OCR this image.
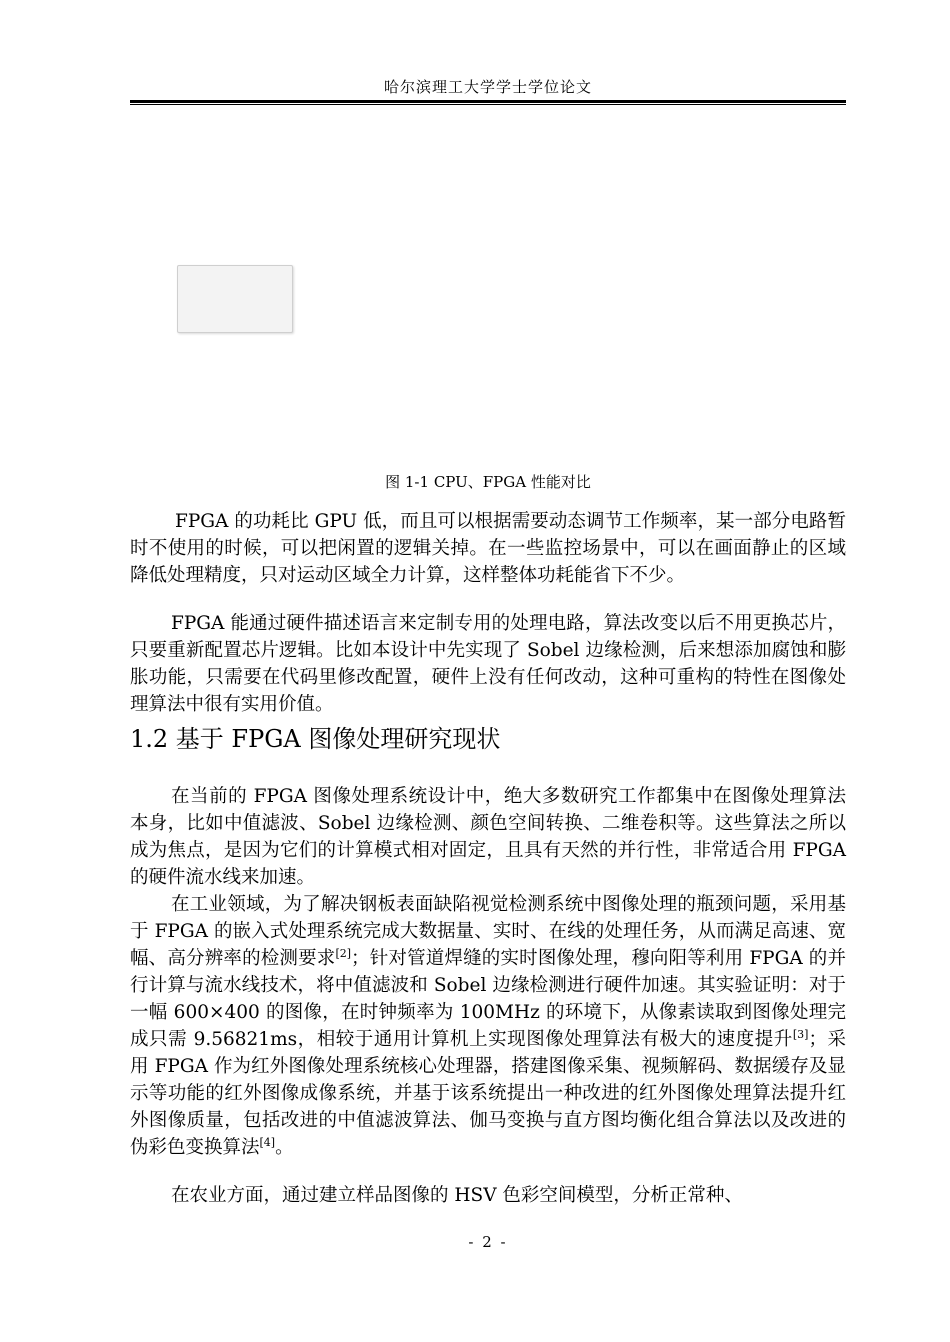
哈尔滨理工大学学士学位论文
图 1-1 CPU、FPGA 性能对比

FPGA 的功耗比 GPU 低，而且可以根据需要动态调节工作频率，某一部分电路暂时不使用的时候，可以把闲置的逻辑关掉。在一些监控场景中，可以在画面静止的区域降低处理精度，只对运动区域全力计算，这样整体功耗能省下不少。

FPGA 能通过硬件描述语言来定制专用的处理电路，算法改变以后不用更换芯片，只要重新配置芯片逻辑。比如本设计中先实现了 Sobel 边缘检测，后来想添加腐蚀和膨胀功能，只需要在代码里修改配置，硬件上没有任何改动，这种可重构的特性在图像处理算法中很有实用价值。

1.2 基于 FPGA 图像处理研究现状

在当前的 FPGA 图像处理系统设计中，绝大多数研究工作都集中在图像处理算法本身，比如中值滤波、Sobel 边缘检测、颜色空间转换、二维卷积等。这些算法之所以成为焦点，是因为它们的计算模式相对固定，且具有天然的并行性，非常适合用 FPGA 的硬件流水线来加速。

在工业领域，为了解决钢板表面缺陷视觉检测系统中图像处理的瓶颈问题，采用基于 FPGA 的嵌入式处理系统完成大数据量、实时、在线的处理任务，从而满足高速、宽幅、高分辨率的检测要求[2]；针对管道焊缝的实时图像处理，穆向阳等利用 FPGA 的并行计算与流水线技术，将中值滤波和 Sobel 边缘检测进行硬件加速。其实验证明：对于一幅 600×400 的图像，在时钟频率为 100MHz 的环境下，从像素读取到图像处理完成只需 9.56821ms，相较于通用计算机上实现图像处理算法有极大的速度提升[3]；采用 FPGA 作为红外图像处理系统核心处理器，搭建图像采集、视频解码、数据缓存及显示等功能的红外图像成像系统，并基于该系统提出一种改进的红外图像处理算法提升红外图像质量，包括改进的中值滤波算法、伽马变换与直方图均衡化组合算法以及改进的伪彩色变换算法[4]。

在农业方面，通过建立样品图像的 HSV 色彩空间模型，分析正常种、

- 2 -
